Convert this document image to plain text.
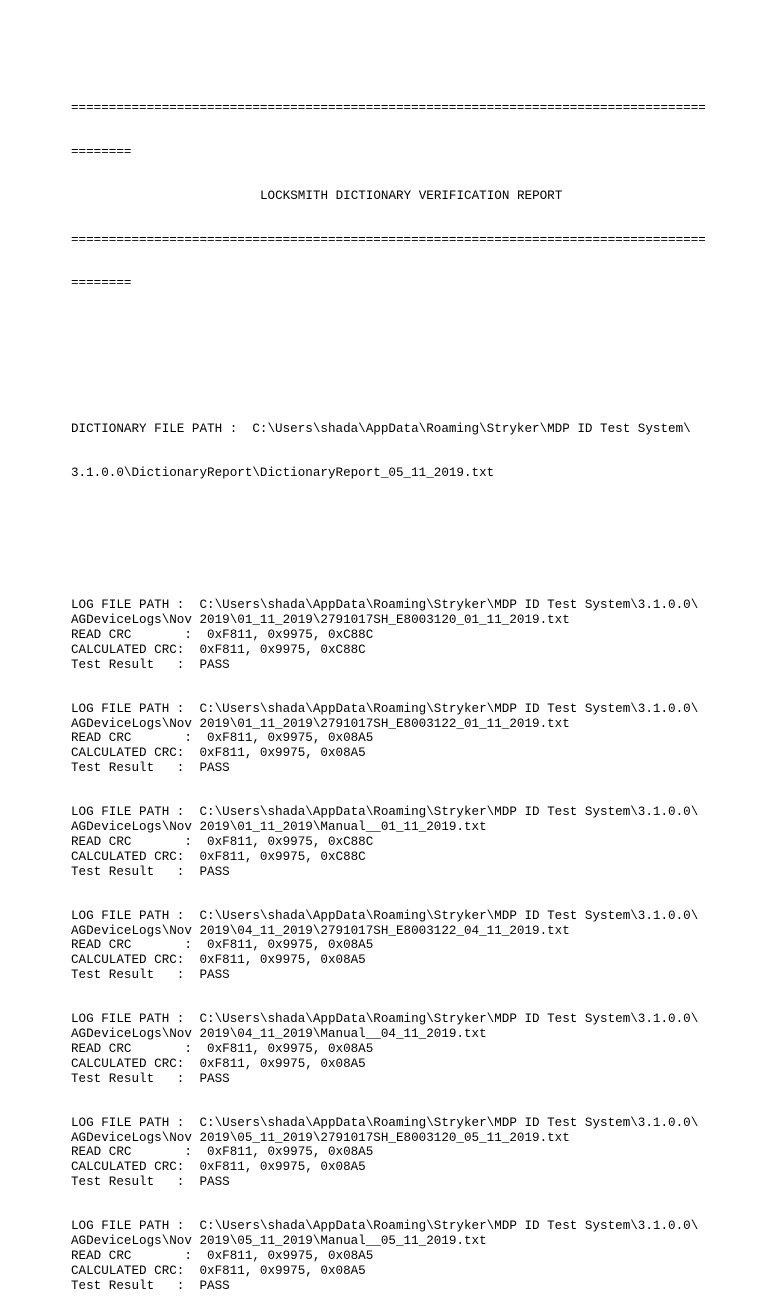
====================================================================================

========

LOCKSMITH DICTIONARY VERIFICATION REPORT

====================================================================================

========

DICTIONARY FILE PATH :  C:\Users\shada\AppData\Roaming\Stryker\MDP ID Test System\

3.1.0.0\DictionaryReport\DictionaryReport_05_11_2019.txt

LOG FILE PATH :  C:\Users\shada\AppData\Roaming\Stryker\MDP ID Test System\3.1.0.0\
AGDeviceLogs\Nov 2019\01_11_2019\2791017SH_E8003120_01_11_2019.txt
READ CRC       :  0xF811, 0x9975, 0xC88C
CALCULATED CRC:  0xF811, 0x9975, 0xC88C
Test Result   :  PASS
LOG FILE PATH :  C:\Users\shada\AppData\Roaming\Stryker\MDP ID Test System\3.1.0.0\
AGDeviceLogs\Nov 2019\01_11_2019\2791017SH_E8003122_01_11_2019.txt
READ CRC       :  0xF811, 0x9975, 0x08A5
CALCULATED CRC:  0xF811, 0x9975, 0x08A5
Test Result   :  PASS
LOG FILE PATH :  C:\Users\shada\AppData\Roaming\Stryker\MDP ID Test System\3.1.0.0\
AGDeviceLogs\Nov 2019\01_11_2019\Manual__01_11_2019.txt
READ CRC       :  0xF811, 0x9975, 0xC88C
CALCULATED CRC:  0xF811, 0x9975, 0xC88C
Test Result   :  PASS
LOG FILE PATH :  C:\Users\shada\AppData\Roaming\Stryker\MDP ID Test System\3.1.0.0\
AGDeviceLogs\Nov 2019\04_11_2019\2791017SH_E8003122_04_11_2019.txt
READ CRC       :  0xF811, 0x9975, 0x08A5
CALCULATED CRC:  0xF811, 0x9975, 0x08A5
Test Result   :  PASS
LOG FILE PATH :  C:\Users\shada\AppData\Roaming\Stryker\MDP ID Test System\3.1.0.0\
AGDeviceLogs\Nov 2019\04_11_2019\Manual__04_11_2019.txt
READ CRC       :  0xF811, 0x9975, 0x08A5
CALCULATED CRC:  0xF811, 0x9975, 0x08A5
Test Result   :  PASS
LOG FILE PATH :  C:\Users\shada\AppData\Roaming\Stryker\MDP ID Test System\3.1.0.0\
AGDeviceLogs\Nov 2019\05_11_2019\2791017SH_E8003120_05_11_2019.txt
READ CRC       :  0xF811, 0x9975, 0x08A5
CALCULATED CRC:  0xF811, 0x9975, 0x08A5
Test Result   :  PASS
LOG FILE PATH :  C:\Users\shada\AppData\Roaming\Stryker\MDP ID Test System\3.1.0.0\
AGDeviceLogs\Nov 2019\05_11_2019\Manual__05_11_2019.txt
READ CRC       :  0xF811, 0x9975, 0x08A5
CALCULATED CRC:  0xF811, 0x9975, 0x08A5
Test Result   :  PASS
